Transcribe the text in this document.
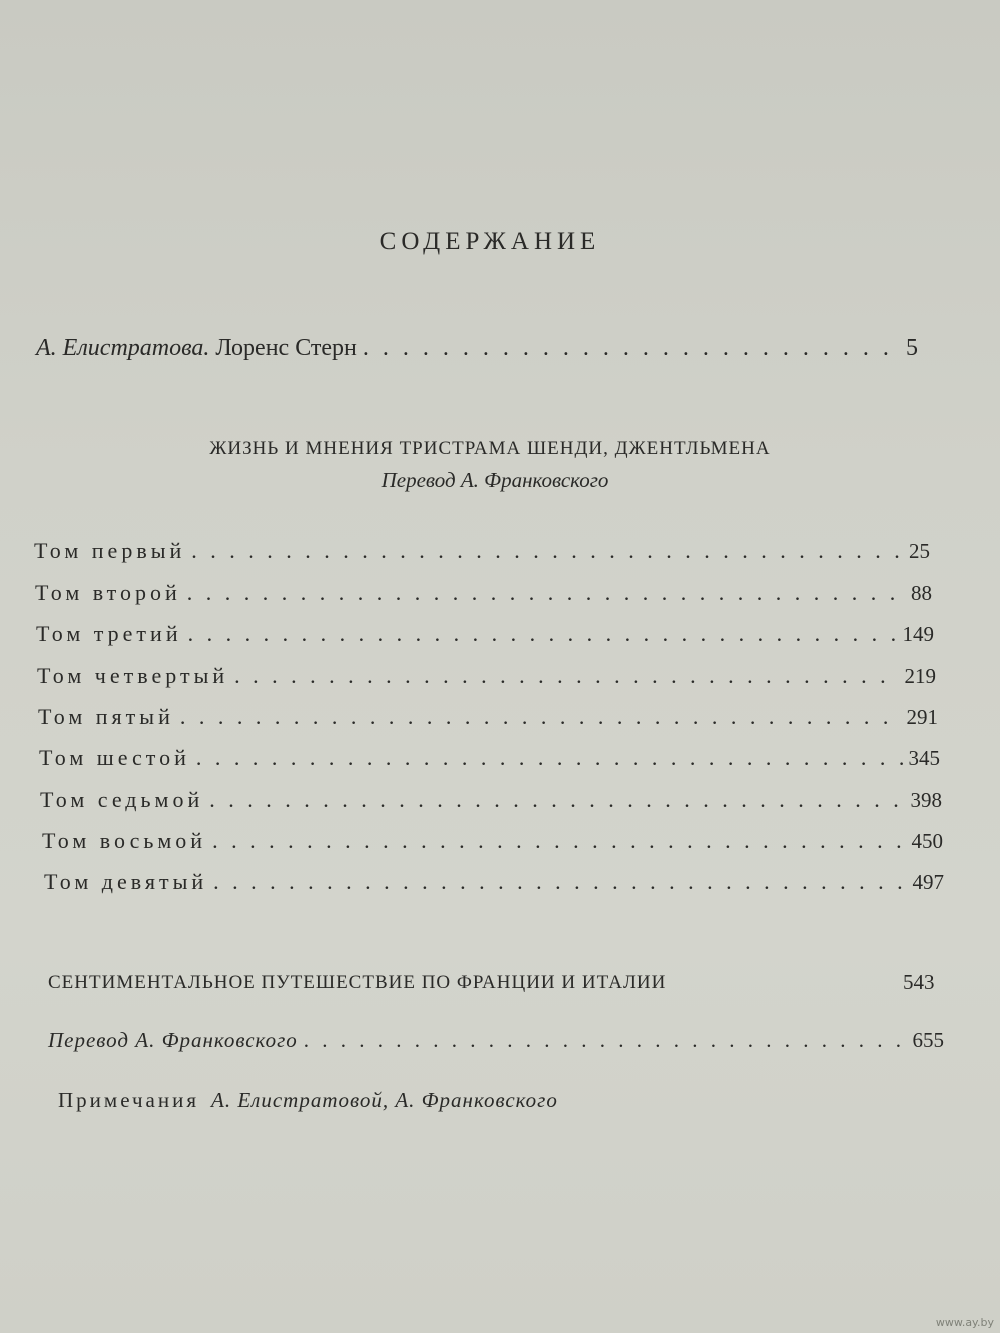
СОДЕРЖАНИЕ
А. Елистратова. Лоренс Стерн . . .	5
ЖИЗНЬ И МНЕНИЯ ТРИСТРАМА ШЕНДИ, ДЖЕНТЛЬМЕНА
Перевод А. Франковского
Том первый . . .	25
Том второй . . .	88
Том третий . . .	149
Том четвертый . . .	219
Том пятый . . .	291
Том шестой . . .	345
Том седьмой . . .	398
Том восьмой . . .	450
Том девятый . . .	497
СЕНТИМЕНТАЛЬНОЕ ПУТЕШЕСТВИЕ ПО ФРАНЦИИ И ИТАЛИИ	543
Перевод А. Франковского . . .	655
Примечания А. Елистратовой, А. Франковского
www.ay.by
